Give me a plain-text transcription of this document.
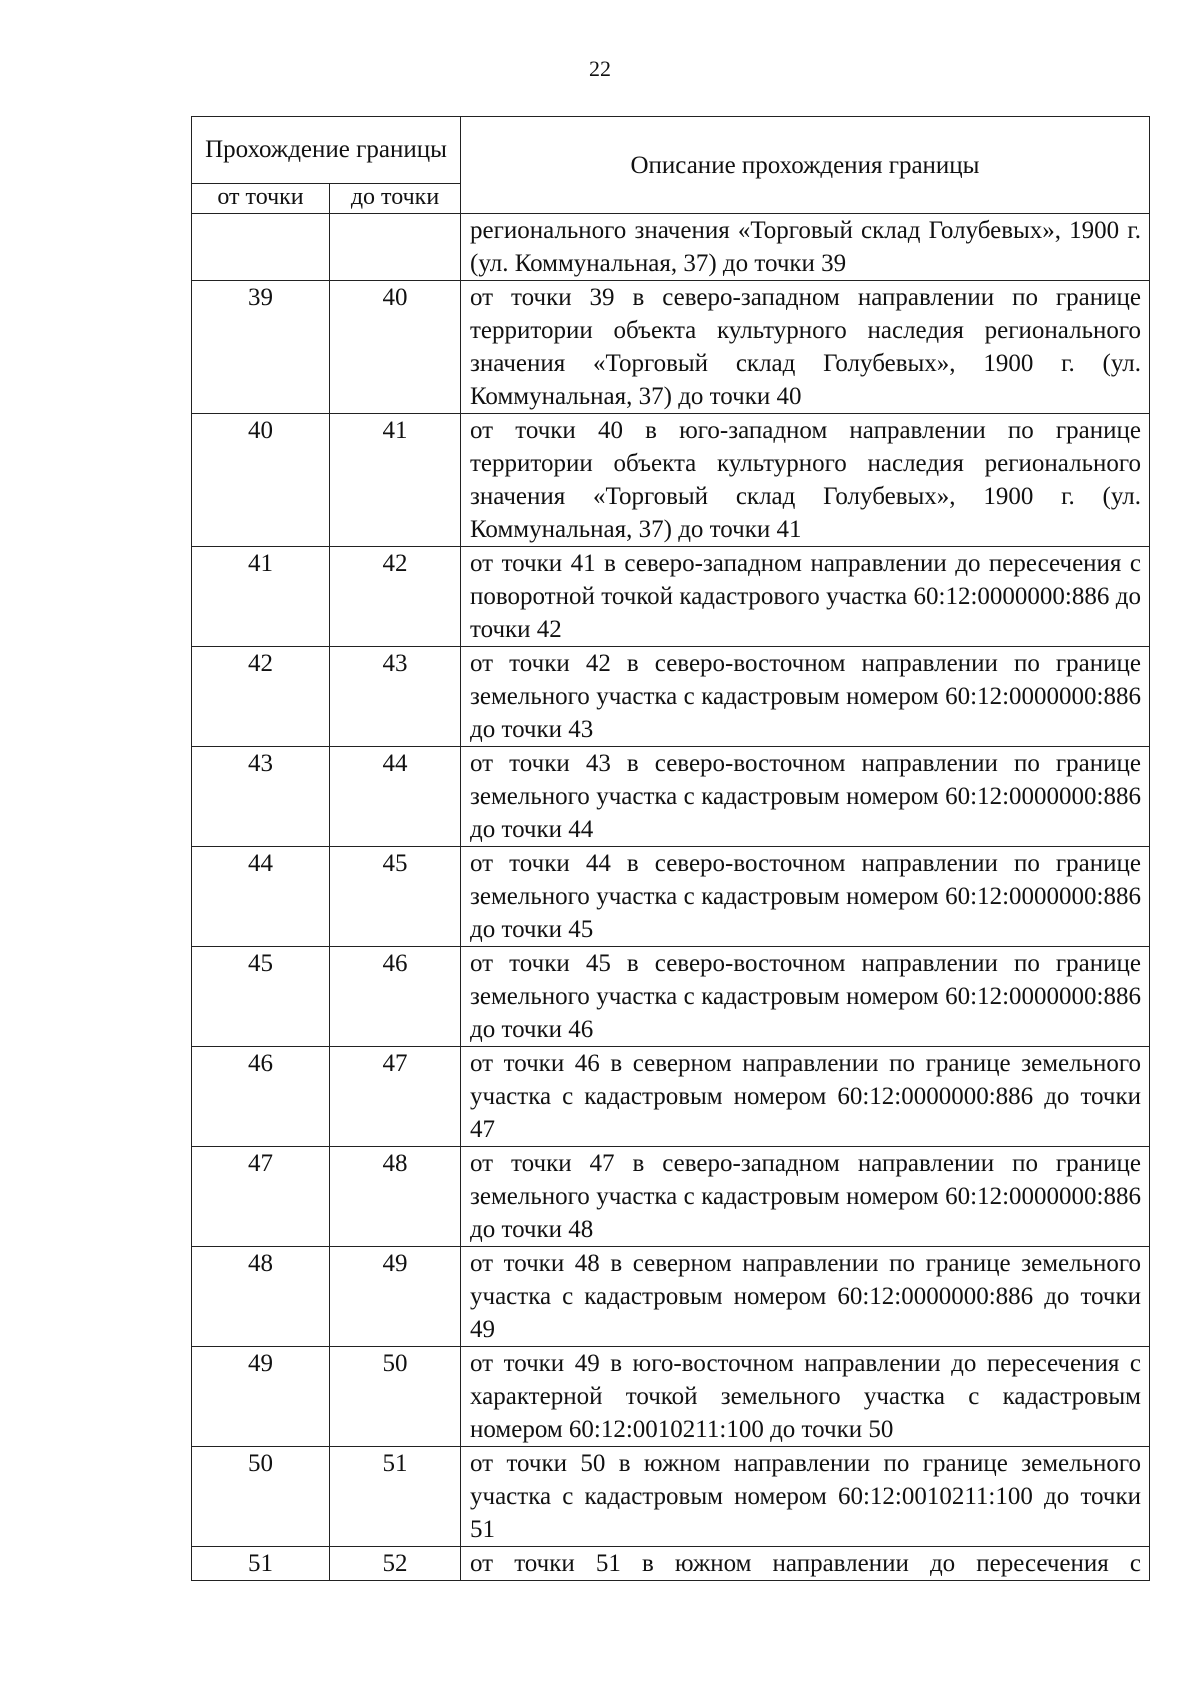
22
Прохождение границы		Описание прохождения границы
от точки	до точки	
		регионального значения «Торговый склад Голубевых», 1900 г. (ул. Коммунальная, 37) до точки 39
39	40	от точки 39 в северо-западном направлении по границе территории объекта культурного наследия регионального значения «Торговый склад Голубевых», 1900 г. (ул. Коммунальная, 37) до точки 40
40	41	от точки 40 в юго-западном направлении по границе территории объекта культурного наследия регионального значения «Торговый склад Голубевых», 1900 г. (ул. Коммунальная, 37) до точки 41
41	42	от точки 41 в северо-западном направлении до пересечения с поворотной точкой кадастрового участка 60:12:0000000:886 до точки 42
42	43	от точки 42 в северо-восточном направлении по границе земельного участка с кадастровым номером 60:12:0000000:886 до точки 43
43	44	от точки 43 в северо-восточном направлении по границе земельного участка с кадастровым номером 60:12:0000000:886 до точки 44
44	45	от точки 44 в северо-восточном направлении по границе земельного участка с кадастровым номером 60:12:0000000:886 до точки 45
45	46	от точки 45 в северо-восточном направлении по границе земельного участка с кадастровым номером 60:12:0000000:886 до точки 46
46	47	от точки 46 в северном направлении по границе земельного участка с кадастровым номером 60:12:0000000:886 до точки 47
47	48	от точки 47 в северо-западном направлении по границе земельного участка с кадастровым номером 60:12:0000000:886 до точки 48
48	49	от точки 48 в северном направлении по границе земельного участка с кадастровым номером 60:12:0000000:886 до точки 49
49	50	от точки 49 в юго-восточном направлении до пересечения с характерной точкой земельного участка с кадастровым номером 60:12:0010211:100 до точки 50
50	51	от точки 50 в южном направлении по границе земельного участка с кадастровым номером 60:12:0010211:100 до точки 51
51	52	от точки 51 в южном направлении до пересечения с
